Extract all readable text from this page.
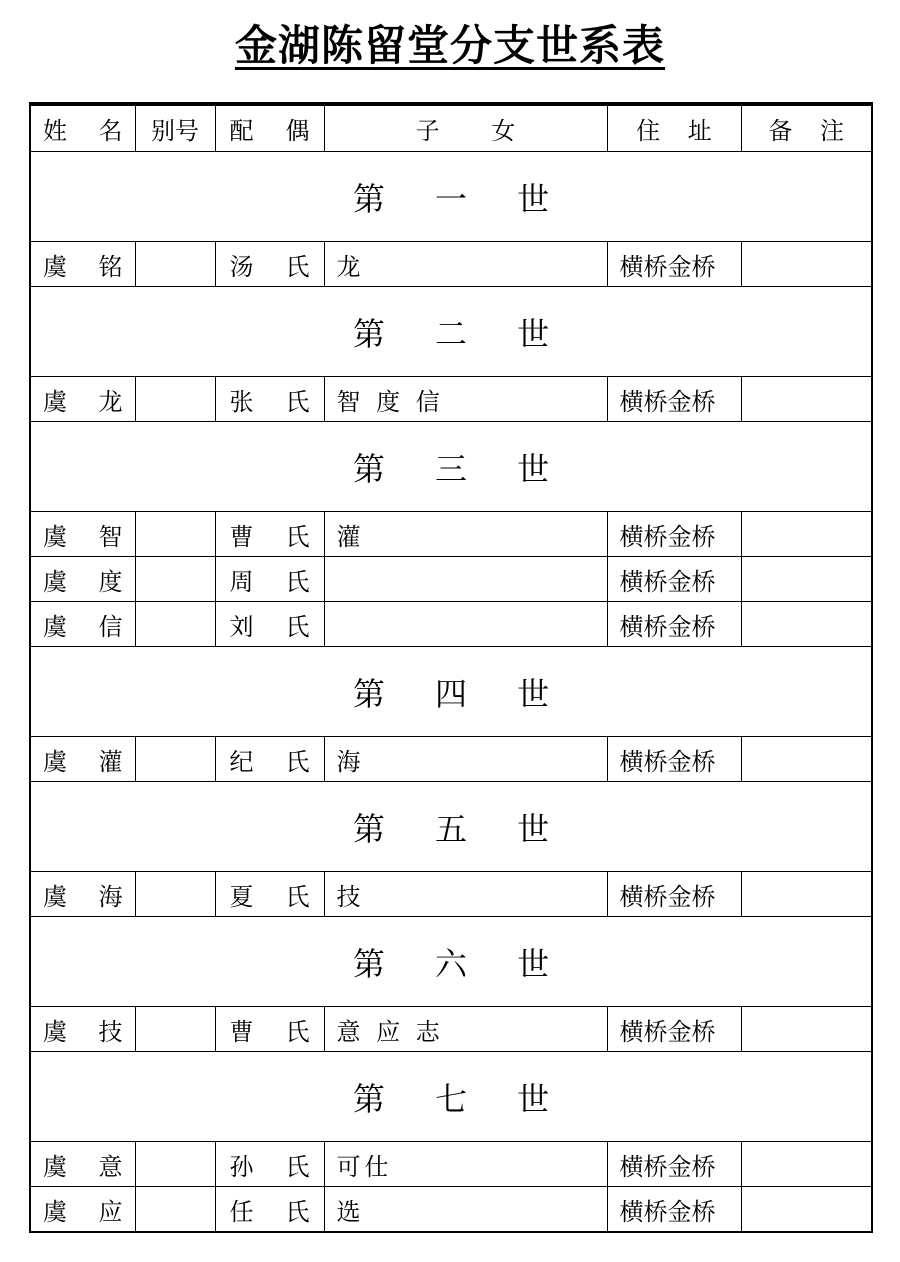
金湖陈留堂分支世系表
姓 名	别号	配 偶	子 女	住 址	备 注
第 一 世					

虞 铭		汤 氏	龙	横桥金桥	
第 二 世					

虞 龙		张 氏	智 度 信	横桥金桥	
第 三 世					

虞 智		曹 氏	灌	横桥金桥	

虞 度		周 氏		横桥金桥	

虞 信		刘 氏		横桥金桥	
第 四 世					

虞 灌		纪 氏	海	横桥金桥	
第 五 世					

虞 海		夏 氏	技	横桥金桥	
第 六 世					

虞 技		曹 氏	意 应 志	横桥金桥	
第 七 世					

虞 意		孙 氏	可仕	横桥金桥	

虞 应		任 氏	选	横桥金桥	
